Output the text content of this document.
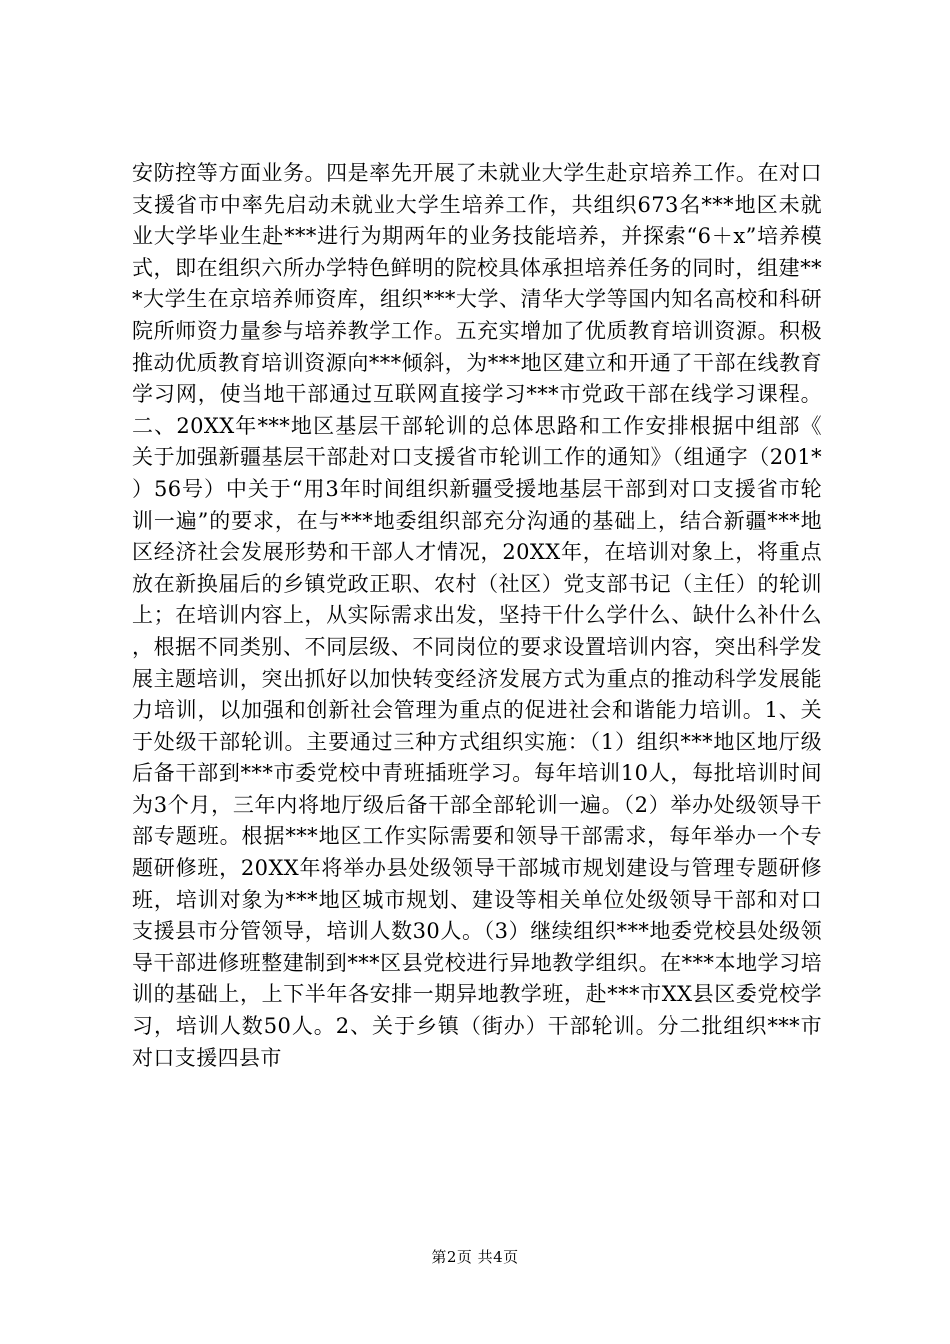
安防控等方面业务。四是率先开展了未就业大学生赴京培养工作。在对口支援省市中率先启动未就业大学生培养工作，共组织673名***地区未就业大学毕业生赴***进行为期两年的业务技能培养，并探索“6＋x”培养模式，即在组织六所办学特色鲜明的院校具体承担培养任务的同时，组建***大学生在京培养师资库，组织***大学、清华大学等国内知名高校和科研院所师资力量参与培养教学工作。五充实增加了优质教育培训资源。积极推动优质教育培训资源向***倾斜，为***地区建立和开通了干部在线教育学习网，使当地干部通过互联网直接学习***市党政干部在线学习课程。二、20XX年***地区基层干部轮训的总体思路和工作安排根据中组部《关于加强新疆基层干部赴对口支援省市轮训工作的通知》（组通字（201*）56号）中关于“用3年时间组织新疆受援地基层干部到对口支援省市轮训一遍”的要求，在与***地委组织部充分沟通的基础上，结合新疆***地区经济社会发展形势和干部人才情况，20XX年，在培训对象上，将重点放在新换届后的乡镇党政正职、农村（社区）党支部书记（主任）的轮训上；在培训内容上，从实际需求出发，坚持干什么学什么、缺什么补什么，根据不同类别、不同层级、不同岗位的要求设置培训内容，突出科学发展主题培训，突出抓好以加快转变经济发展方式为重点的推动科学发展能力培训，以加强和创新社会管理为重点的促进社会和谐能力培训。1、关于处级干部轮训。主要通过三种方式组织实施：（1）组织***地区地厅级后备干部到***市委党校中青班插班学习。每年培训10人，每批培训时间为3个月，三年内将地厅级后备干部全部轮训一遍。（2）举办处级领导干部专题班。根据***地区工作实际需要和领导干部需求，每年举办一个专题研修班，20XX年将举办县处级领导干部城市规划建设与管理专题研修班，培训对象为***地区城市规划、建设等相关单位处级领导干部和对口支援县市分管领导，培训人数30人。（3）继续组织***地委党校县处级领导干部进修班整建制到***区县党校进行异地教学组织。在***本地学习培训的基础上，上下半年各安排一期异地教学班，赴***市XX县区委党校学习，培训人数50人。2、关于乡镇（街办）干部轮训。分二批组织***市对口支援四县市

第2页 共4页
